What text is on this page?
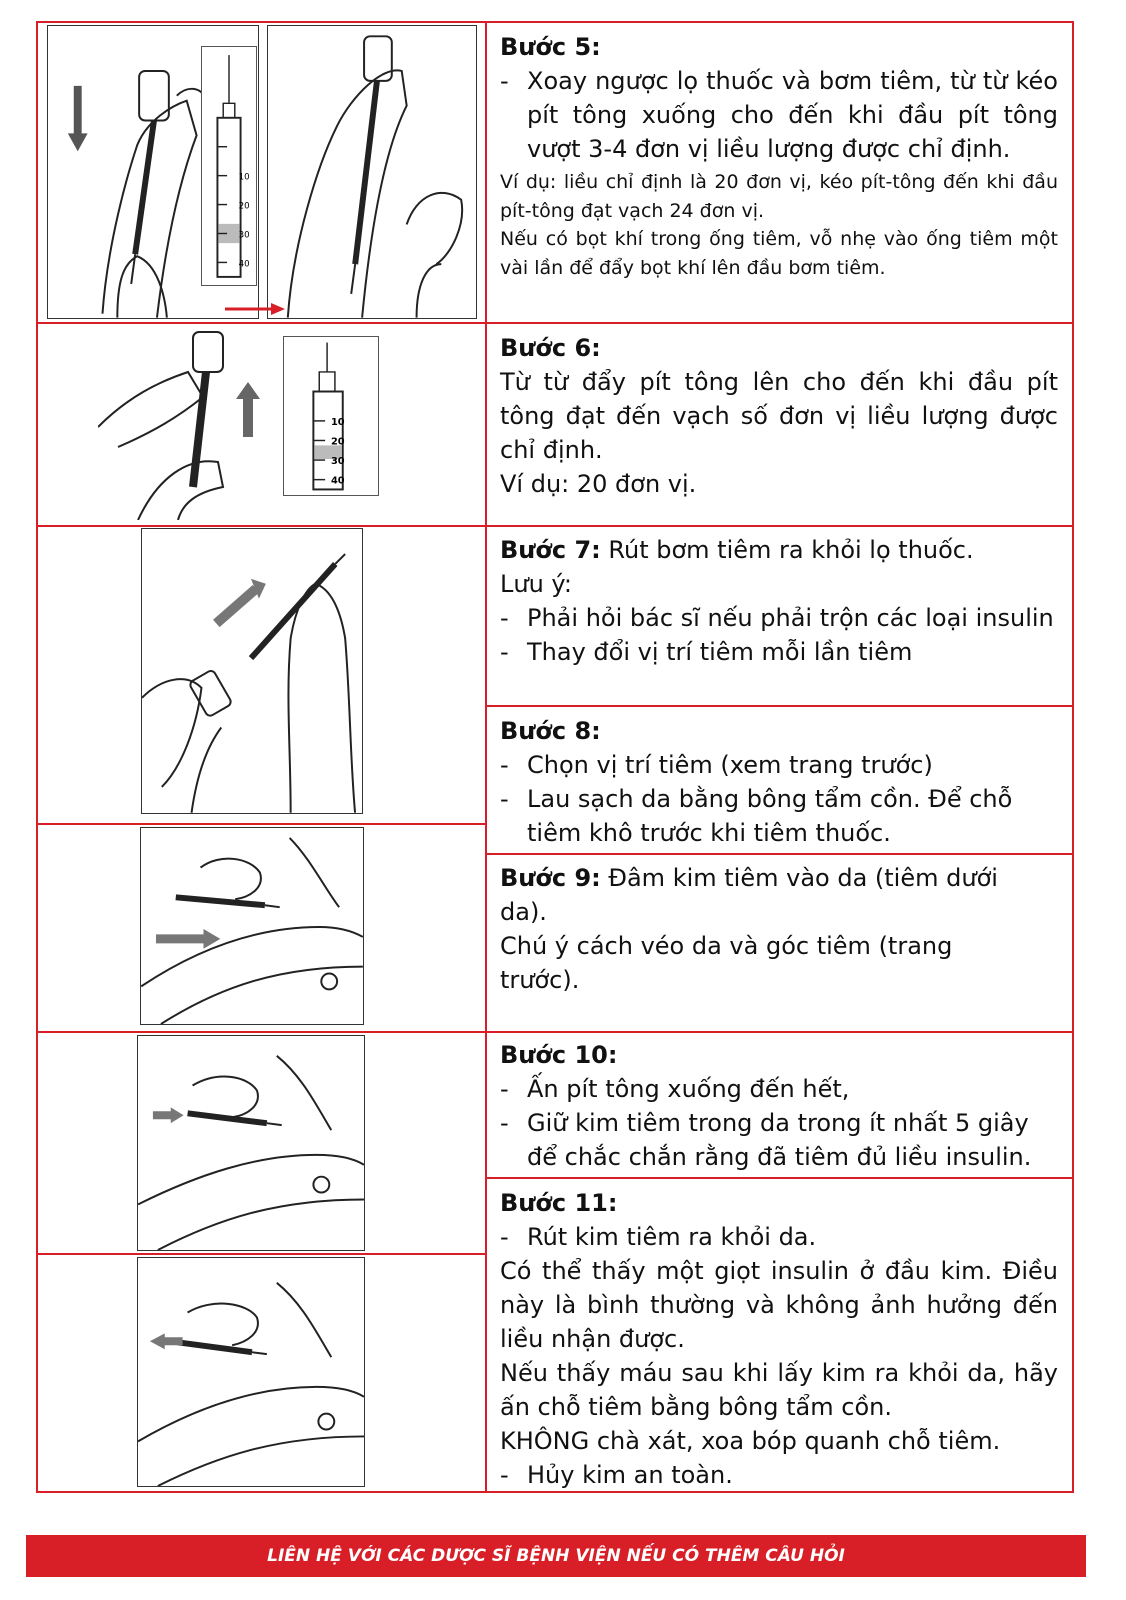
10
20
30
40
10
20
30
40

Bước 5:

- Xoay ngược lọ thuốc và bơm tiêm, từ từ kéo pít tông xuống cho đến khi đầu pít tông vượt 3-4 đơn vị liều lượng được chỉ định.

Ví dụ: liều chỉ định là 20 đơn vị, kéo pít-tông đến khi đầu pít-tông đạt vạch 24 đơn vị.

Nếu có bọt khí trong ống tiêm, vỗ nhẹ vào ống tiêm một vài lần để đẩy bọt khí lên đầu bơm tiêm.

Bước 6:

Từ từ đẩy pít tông lên cho đến khi đầu pít tông đạt đến vạch số đơn vị liều lượng được chỉ định.

Ví dụ: 20 đơn vị.

Bước 7: Rút bơm tiêm ra khỏi lọ thuốc.

Lưu ý:

- Phải hỏi bác sĩ nếu phải trộn các loại insulin

- Thay đổi vị trí tiêm mỗi lần tiêm

Bước 8:

- Chọn vị trí tiêm (xem trang trước)

- Lau sạch da bằng bông tẩm cồn. Để chỗ tiêm khô trước khi tiêm thuốc.

Bước 9: Đâm kim tiêm vào da (tiêm dưới da).

Chú ý cách véo da và góc tiêm (trang trước).

Bước 10:

- Ấn pít tông xuống đến hết,

- Giữ kim tiêm trong da trong ít nhất 5 giây để chắc chắn rằng đã tiêm đủ liều insulin.

Bước 11:

- Rút kim tiêm ra khỏi da.

Có thể thấy một giọt insulin ở đầu kim. Điều này là bình thường và không ảnh hưởng đến liều nhận được.

Nếu thấy máu sau khi lấy kim ra khỏi da, hãy ấn chỗ tiêm bằng bông tẩm cồn.

KHÔNG chà xát, xoa bóp quanh chỗ tiêm.

- Hủy kim an toàn.

LIÊN HỆ VỚI CÁC DƯỢC SĨ BỆNH VIỆN NẾU CÓ THÊM CÂU HỎI
